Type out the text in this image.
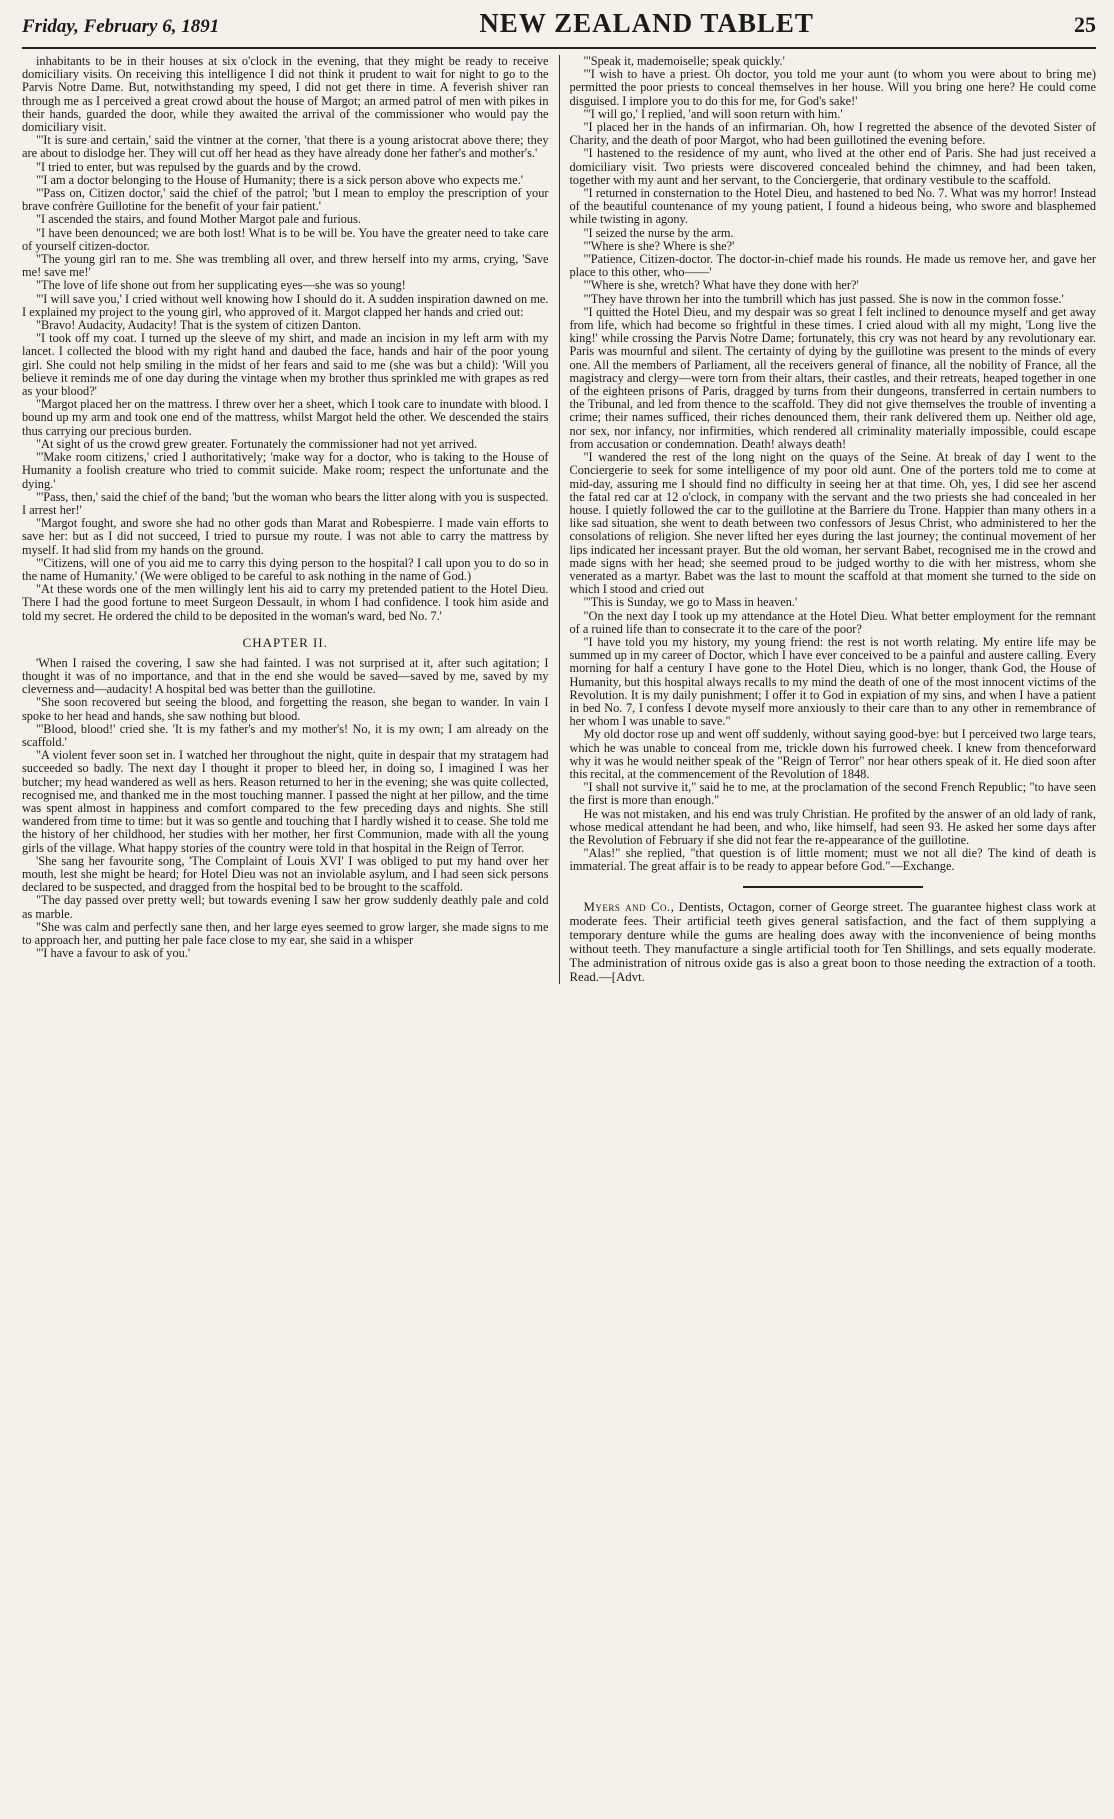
Friday, February 6, 1891	NEW ZEALAND TABLET	25

inhabitants to be in their houses at six o'clock in the evening, that they might be ready to receive domiciliary visits. On receiving this intelligence I did not think it prudent to wait for night to go to the Parvis Notre Dame. But, notwithstanding my speed, I did not get there in time. A feverish shiver ran through me as I perceived a great crowd about the house of Margot; an armed patrol of men with pikes in their hands, guarded the door, while they awaited the arrival of the commissioner who would pay the domiciliary visit.

"'It is sure and certain,' said the vintner at the corner, 'that there is a young aristocrat above there; they are about to dislodge her. They will cut off her head as they have already done her father's and mother's.'

"I tried to enter, but was repulsed by the guards and by the crowd.

"'I am a doctor belonging to the House of Humanity; there is a sick person above who expects me.'

"'Pass on, Citizen doctor,' said the chief of the patrol; 'but I mean to employ the prescription of your brave confrère Guillotine for the benefit of your fair patient.'

"I ascended the stairs, and found Mother Margot pale and furious.

"I have been denounced; we are both lost! What is to be will be. You have the greater need to take care of yourself citizen-doctor.

"The young girl ran to me. She was trembling all over, and threw herself into my arms, crying, 'Save me! save me!'

"The love of life shone out from her supplicating eyes—she was so young!

"'I will save you,' I cried without well knowing how I should do it. A sudden inspiration dawned on me. I explained my project to the young girl, who approved of it. Margot clapped her hands and cried out:

"Bravo! Audacity, Audacity! That is the system of citizen Danton.

"I took off my coat. I turned up the sleeve of my shirt, and made an incision in my left arm with my lancet. I collected the blood with my right hand and daubed the face, hands and hair of the poor young girl. She could not help smiling in the midst of her fears and said to me (she was but a child): 'Will you believe it reminds me of one day during the vintage when my brother thus sprinkled me with grapes as red as your blood?'

"Margot placed her on the mattress. I threw over her a sheet, which I took care to inundate with blood. I bound up my arm and took one end of the mattress, whilst Margot held the other. We descended the stairs thus carrying our precious burden.

"At sight of us the crowd grew greater. Fortunately the commissioner had not yet arrived.

"'Make room citizens,' cried I authoritatively; 'make way for a doctor, who is taking to the House of Humanity a foolish creature who tried to commit suicide. Make room; respect the unfortunate and the dying.'

"'Pass, then,' said the chief of the band; 'but the woman who bears the litter along with you is suspected. I arrest her!'

"Margot fought, and swore she had no other gods than Marat and Robespierre. I made vain efforts to save her: but as I did not succeed, I tried to pursue my route. I was not able to carry the mattress by myself. It had slid from my hands on the ground.

"'Citizens, will one of you aid me to carry this dying person to the hospital? I call upon you to do so in the name of Humanity.' (We were obliged to be careful to ask nothing in the name of God.)

"At these words one of the men willingly lent his aid to carry my pretended patient to the Hotel Dieu. There I had the good fortune to meet Surgeon Dessault, in whom I had confidence. I took him aside and told my secret. He ordered the child to be deposited in the woman's ward, bed No. 7.'

CHAPTER II.

'When I raised the covering, I saw she had fainted. I was not surprised at it, after such agitation; I thought it was of no importance, and that in the end she would be saved—saved by me, saved by my cleverness and—audacity! A hospital bed was better than the guillotine.

"She soon recovered but seeing the blood, and forgetting the reason, she began to wander. In vain I spoke to her head and hands, she saw nothing but blood.

"'Blood, blood!' cried she. 'It is my father's and my mother's! No, it is my own; I am already on the scaffold.'

"A violent fever soon set in. I watched her throughout the night, quite in despair that my stratagem had succeeded so badly. The next day I thought it proper to bleed her, in doing so, I imagined I was her butcher; my head wandered as well as hers. Reason returned to her in the evening; she was quite collected, recognised me, and thanked me in the most touching manner. I passed the night at her pillow, and the time was spent almost in happiness and comfort compared to the few preceding days and nights. She still wandered from time to time: but it was so gentle and touching that I hardly wished it to cease. She told me the history of her childhood, her studies with her mother, her first Communion, made with all the young girls of the village. What happy stories of the country were told in that hospital in the Reign of Terror.

'She sang her favourite song, 'The Complaint of Louis XVI' I was obliged to put my hand over her mouth, lest she might be heard; for Hotel Dieu was not an inviolable asylum, and I had seen sick persons declared to be suspected, and dragged from the hospital bed to be brought to the scaffold.

"The day passed over pretty well; but towards evening I saw her grow suddenly deathly pale and cold as marble.

"She was calm and perfectly sane then, and her large eyes seemed to grow larger, she made signs to me to approach her, and putting her pale face close to my ear, she said in a whisper

"'I have a favour to ask of you.'

"'Speak it, mademoiselle; speak quickly.'

"'I wish to have a priest. Oh doctor, you told me your aunt (to whom you were about to bring me) permitted the poor priests to conceal themselves in her house. Will you bring one here? He could come disguised. I implore you to do this for me, for God's sake!'

"'I will go,' I replied, 'and will soon return with him.'

"I placed her in the hands of an infirmarian. Oh, how I regretted the absence of the devoted Sister of Charity, and the death of poor Margot, who had been guillotined the evening before.

"I hastened to the residence of my aunt, who lived at the other end of Paris. She had just received a domiciliary visit. Two priests were discovered concealed behind the chimney, and had been taken, together with my aunt and her servant, to the Conciergerie, that ordinary vestibule to the scaffold.

"I returned in consternation to the Hotel Dieu, and hastened to bed No. 7. What was my horror! Instead of the beautiful countenance of my young patient, I found a hideous being, who swore and blasphemed while twisting in agony.

"I seized the nurse by the arm.

"'Where is she? Where is she?'

"'Patience, Citizen-doctor. The doctor-in-chief made his rounds. He made us remove her, and gave her place to this other, who——'

"'Where is she, wretch? What have they done with her?'

"'They have thrown her into the tumbrill which has just passed. She is now in the common fosse.'

"I quitted the Hotel Dieu, and my despair was so great I felt inclined to denounce myself and get away from life, which had become so frightful in these times. I cried aloud with all my might, 'Long live the king!' while crossing the Parvis Notre Dame; fortunately, this cry was not heard by any revolutionary ear. Paris was mournful and silent. The certainty of dying by the guillotine was present to the minds of every one. All the members of Parliament, all the receivers general of finance, all the nobility of France, all the magistracy and clergy—were torn from their altars, their castles, and their retreats, heaped together in one of the eighteen prisons of Paris, dragged by turns from their dungeons, transferred in certain numbers to the Tribunal, and led from thence to the scaffold. They did not give themselves the trouble of inventing a crime; their names sufficed, their riches denounced them, their rank delivered them up. Neither old age, nor sex, nor infancy, nor infirmities, which rendered all criminality materially impossible, could escape from accusation or condemnation. Death! always death!

"I wandered the rest of the long night on the quays of the Seine. At break of day I went to the Conciergerie to seek for some intelligence of my poor old aunt. One of the porters told me to come at mid-day, assuring me I should find no difficulty in seeing her at that time. Oh, yes, I did see her ascend the fatal red car at 12 o'clock, in company with the servant and the two priests she had concealed in her house. I quietly followed the car to the guillotine at the Barriere du Trone. Happier than many others in a like sad situation, she went to death between two confessors of Jesus Christ, who administered to her the consolations of religion. She never lifted her eyes during the last journey; the continual movement of her lips indicated her incessant prayer. But the old woman, her servant Babet, recognised me in the crowd and made signs with her head; she seemed proud to be judged worthy to die with her mistress, whom she venerated as a martyr. Babet was the last to mount the scaffold at that moment she turned to the side on which I stood and cried out

"'This is Sunday, we go to Mass in heaven.'

"On the next day I took up my attendance at the Hotel Dieu. What better employment for the remnant of a ruined life than to consecrate it to the care of the poor?

"I have told you my history, my young friend: the rest is not worth relating. My entire life may be summed up in my career of Doctor, which I have ever conceived to be a painful and austere calling. Every morning for half a century I have gone to the Hotel Dieu, which is no longer, thank God, the House of Humanity, but this hospital always recalls to my mind the death of one of the most innocent victims of the Revolution. It is my daily punishment; I offer it to God in expiation of my sins, and when I have a patient in bed No. 7, I confess I devote myself more anxiously to their care than to any other in remembrance of her whom I was unable to save."

My old doctor rose up and went off suddenly, without saying good-bye: but I perceived two large tears, which he was unable to conceal from me, trickle down his furrowed cheek. I knew from thenceforward why it was he would neither speak of the "Reign of Terror" nor hear others speak of it. He died soon after this recital, at the commencement of the Revolution of 1848.

"I shall not survive it," said he to me, at the proclamation of the second French Republic; "to have seen the first is more than enough."

He was not mistaken, and his end was truly Christian. He profited by the answer of an old lady of rank, whose medical attendant he had been, and who, like himself, had seen 93. He asked her some days after the Revolution of February if she did not fear the re-appearance of the guillotine.

"Alas!" she replied, "that question is of little moment; must we not all die? The kind of death is immaterial. The great affair is to be ready to appear before God."—Exchange.

Myers and Co., Dentists, Octagon, corner of George street. The guarantee highest class work at moderate fees. Their artificial teeth gives general satisfaction, and the fact of them supplying a temporary denture while the gums are healing does away with the inconvenience of being months without teeth. They manufacture a single artificial tooth for Ten Shillings, and sets equally moderate. The administration of nitrous oxide gas is also a great boon to those needing the extraction of a tooth. Read.—[Advt.
